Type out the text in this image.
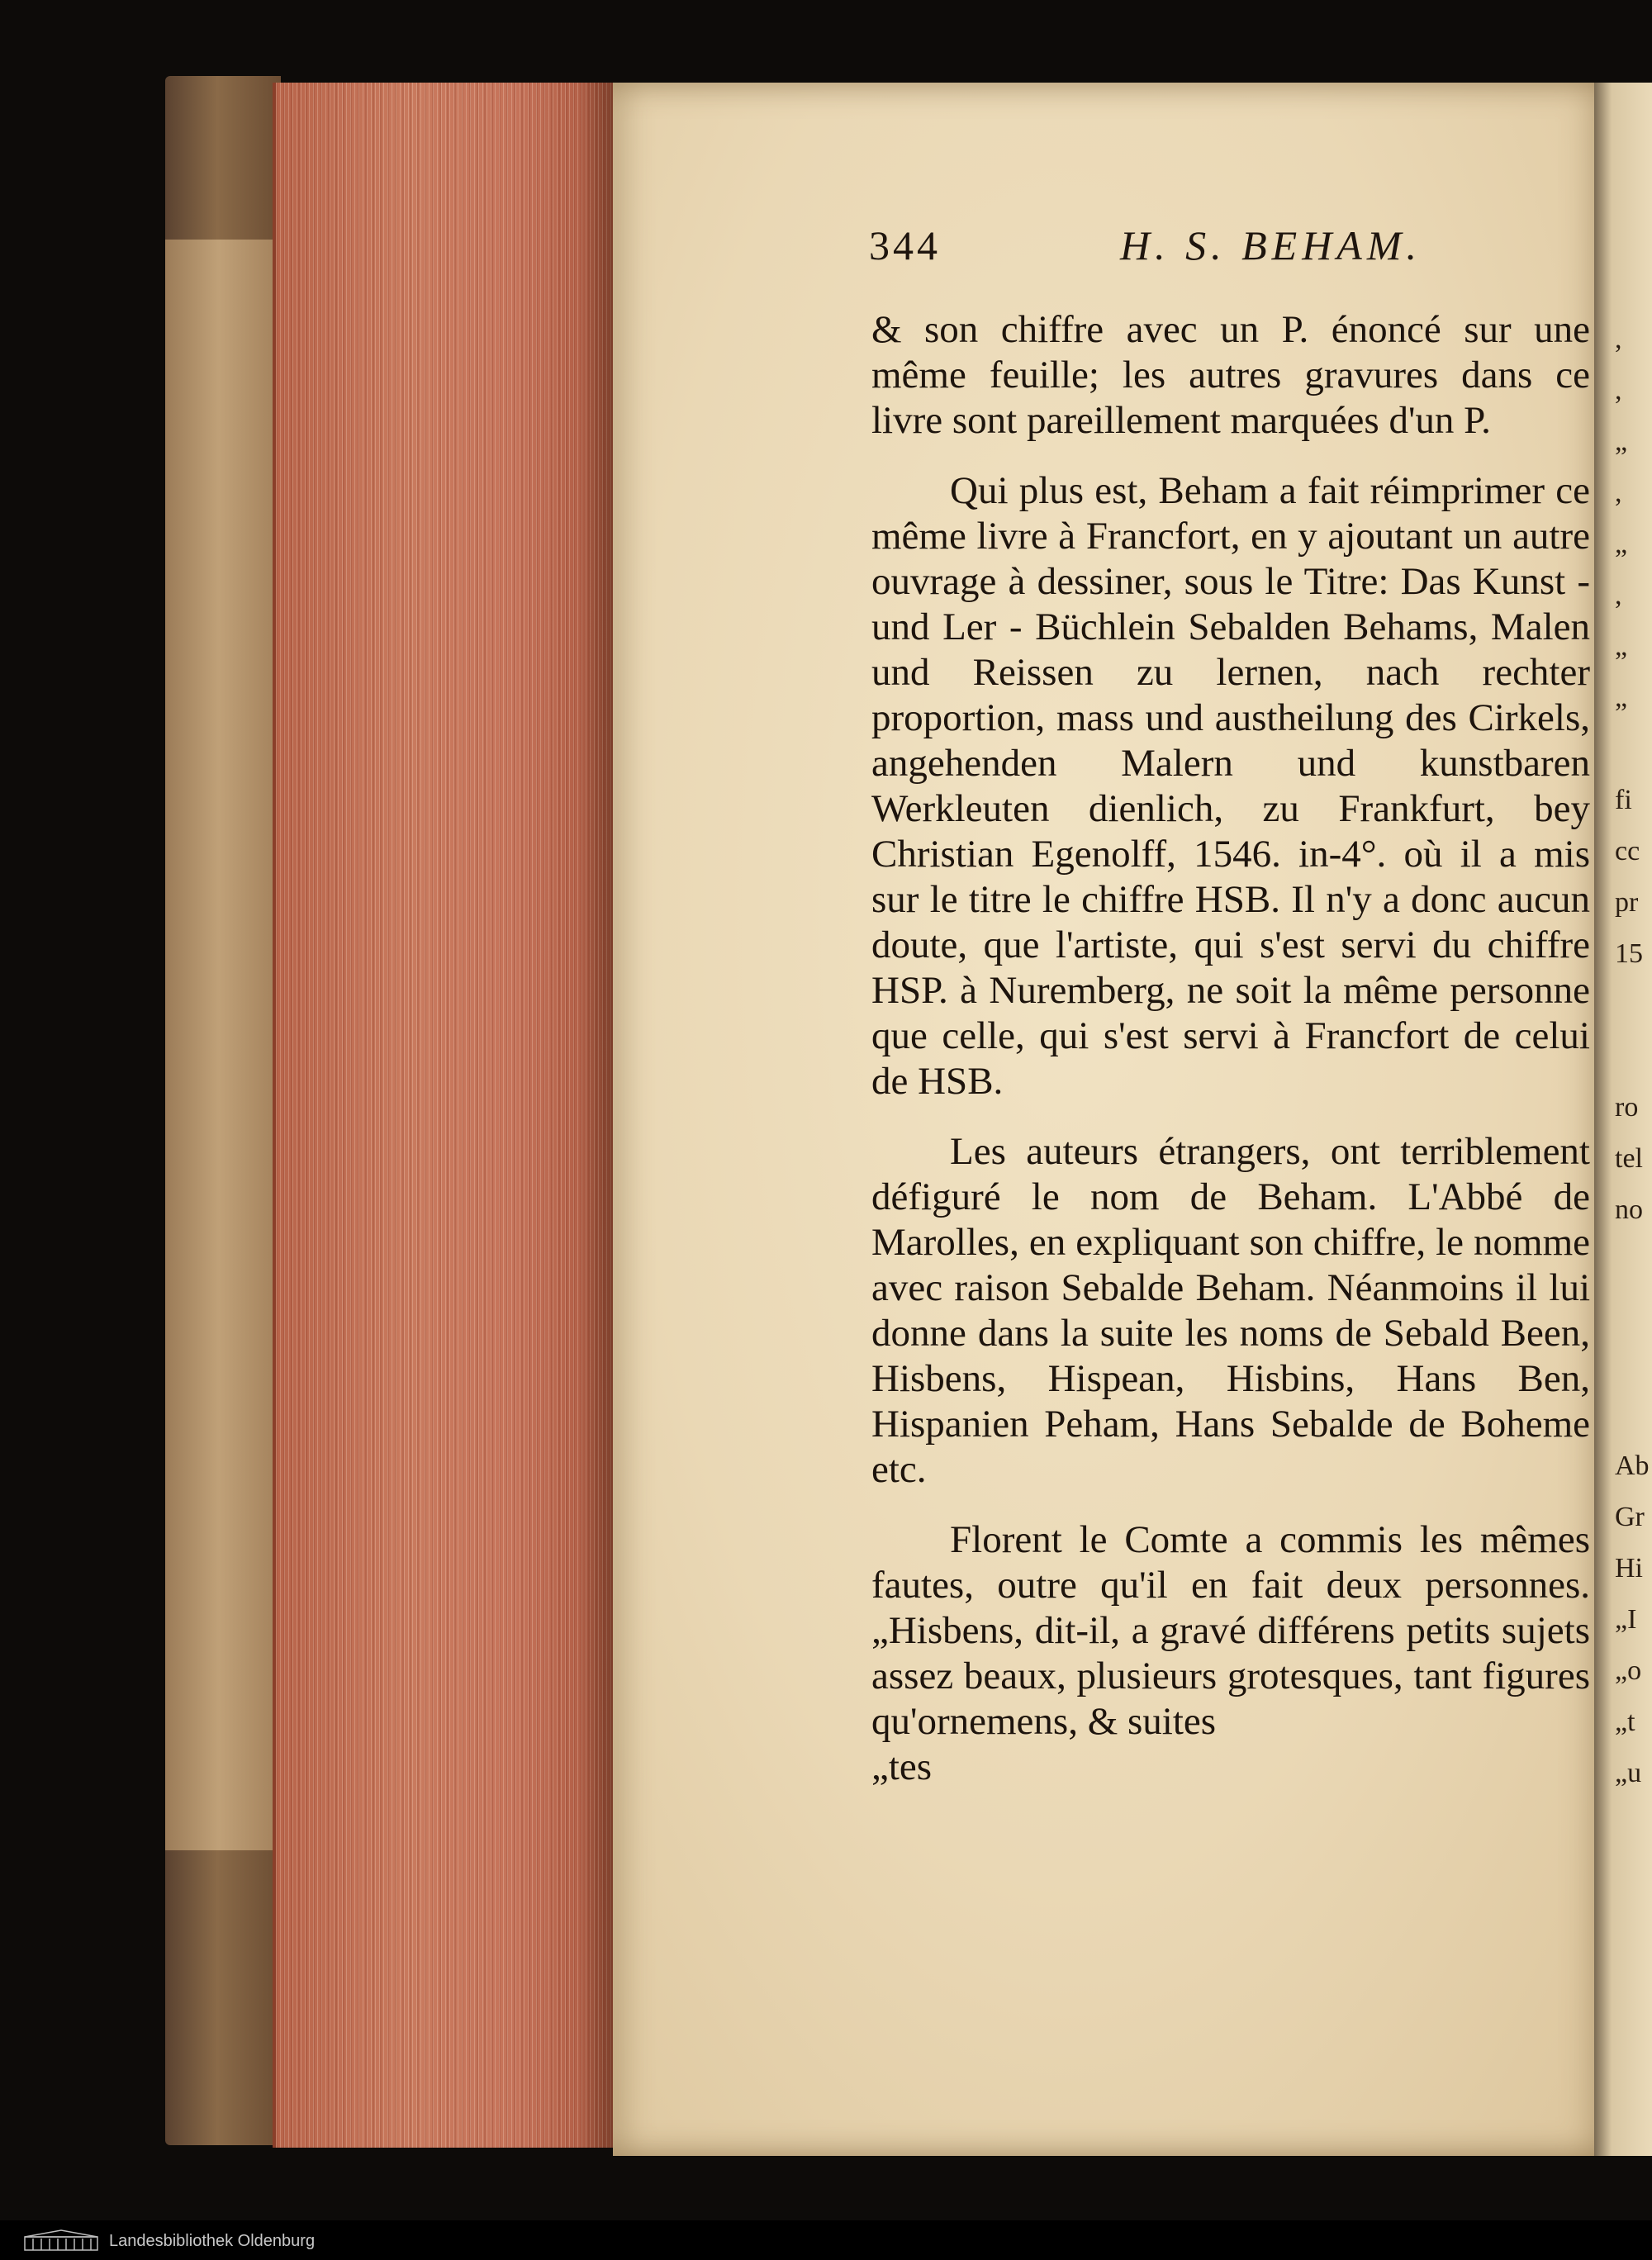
,
,
„
,
„
,
„
„
fi
cc
pr
15
ro
tel
no
Ab
Gr
Hi
„I
„o
„t
„u
344	H. S. BEHAM.

& son chiffre avec un P. énoncé sur une même feuille; les autres gravures dans ce livre sont pareillement marquées d'un P.

Qui plus est, Beham a fait réimprimer ce même livre à Francfort, en y ajoutant un autre ouvrage à dessiner, sous le Titre: Das Kunst - und Ler - Büchlein Sebalden Behams, Malen und Reissen zu lernen, nach rechter proportion, mass und austheilung des Cirkels, angehenden Malern und kunstbaren Werkleuten dienlich, zu Frankfurt, bey Christian Egenolff, 1546. in-4°. où il a mis sur le titre le chiffre HSB. Il n'y a donc aucun doute, que l'artiste, qui s'est servi du chiffre HSP. à Nuremberg, ne soit la même personne que celle, qui s'est servi à Francfort de celui de HSB.

Les auteurs étrangers, ont terriblement défiguré le nom de Beham. L'Abbé de Marolles, en expliquant son chiffre, le nomme avec raison Sebalde Beham. Néanmoins il lui donne dans la suite les noms de Sebald Been, Hisbens, Hispean, Hisbins, Hans Ben, Hispanien Peham, Hans Sebalde de Boheme etc.

Florent le Comte a commis les mêmes fautes, outre qu'il en fait deux personnes. „Hisbens, dit-il, a gravé différens petits sujets assez beaux, plusieurs grotesques, tant figures qu'ornemens, & suites

„tes

Landesbibliothek Oldenburg
